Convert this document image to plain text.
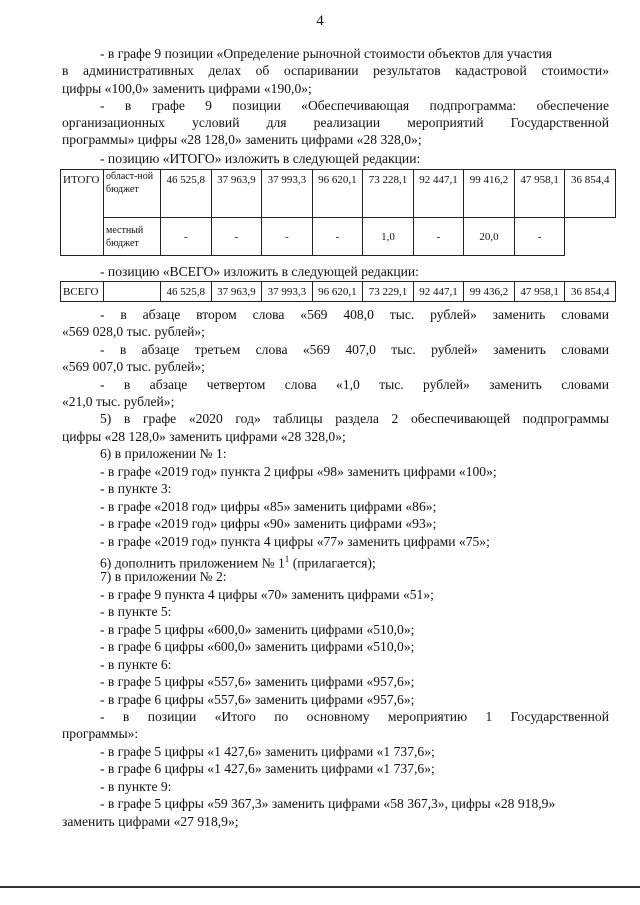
4
- в графе 9 позиции «Определение рыночной стоимости объектов для участия
в административных делах об оспаривании результатов кадастровой стоимости»
цифры «100,0» заменить цифрами «190,0»;
- в графе 9 позиции «Обеспечивающая подпрограмма: обеспечение
организационных условий для реализации мероприятий Государственной
программы» цифры «28 128,0» заменить цифрами «28 328,0»;
- позицию «ИТОГО» изложить в следующей редакции:
ИТОГО	област-ной бюджет	46 525,8	37 963,9	37 993,3	96 620,1	73 228,1	92 447,1	99 416,2	47 958,1	36 854,4
	местный бюджет	-	-	-	-	1,0	-	20,0	-	
- позицию «ВСЕГО» изложить в следующей редакции:
ВСЕГО		46 525,8	37 963,9	37 993,3	96 620,1	73 229,1	92 447,1	99 436,2	47 958,1	36 854,4
- в абзаце втором слова «569 408,0 тыс. рублей» заменить словами
«569 028,0 тыс. рублей»;
- в абзаце третьем слова «569 407,0 тыс. рублей» заменить словами
«569 007,0 тыс. рублей»;
- в абзаце четвертом слова «1,0 тыс. рублей» заменить словами
«21,0 тыс. рублей»;
5) в графе «2020 год» таблицы раздела 2 обеспечивающей подпрограммы
цифры «28 128,0» заменить цифрами «28 328,0»;
6) в приложении № 1:
- в графе «2019 год» пункта 2 цифры «98» заменить цифрами «100»;
- в пункте 3:
- в графе «2018 год» цифры «85» заменить цифрами «86»;
- в графе «2019 год» цифры «90» заменить цифрами «93»;
- в графе «2019 год» пункта 4 цифры «77» заменить цифрами «75»;
7) в приложении № 2:
- в графе 9 пункта 4 цифры «70» заменить цифрами «51»;
- в пункте 5:
- в графе 5 цифры «600,0» заменить цифрами «510,0»;
- в графе 6 цифры «600,0» заменить цифрами «510,0»;
- в пункте 6:
- в графе 5 цифры «557,6» заменить цифрами «957,6»;
- в графе 6 цифры «557,6» заменить цифрами «957,6»;
- в позиции «Итого по основному мероприятию 1 Государственной
программы»:
- в графе 5 цифры «1 427,6» заменить цифрами «1 737,6»;
- в графе 6 цифры «1 427,6» заменить цифрами «1 737,6»;
- в пункте 9:
- в графе 5 цифры «59 367,3» заменить цифрами «58 367,3», цифры «28 918,9»
заменить цифрами «27 918,9»;
6) дополнить приложением № $1^1$ (прилагается);
